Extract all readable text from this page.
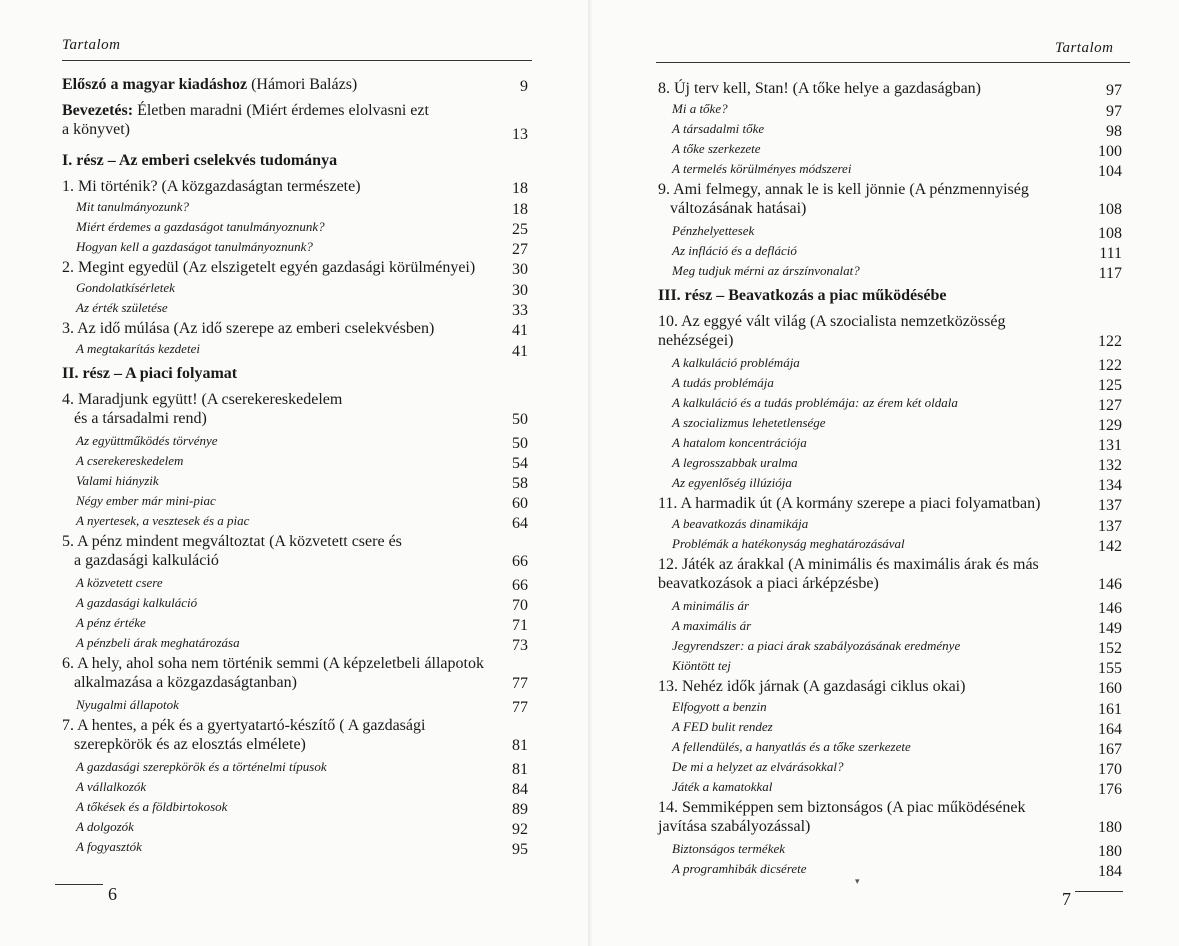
Tartalom
Előszó a magyar kiadáshoz (Hámori Balázs)	9
Bevezetés: Életben maradni (Miért érdemes elolvasni ezt
a könyvet)	13
I. rész – Az emberi cselekvés tudománya
1. Mi történik? (A közgazdaságtan természete)	18
Mit tanulmányozunk?	18
Miért érdemes a gazdaságot tanulmányoznunk?	25
Hogyan kell a gazdaságot tanulmányoznunk?	27
2. Megint egyedül (Az elszigetelt egyén gazdasági körülményei) 30
Gondolatkísérletek	30
Az érték születése	33
3. Az idő múlása (Az idő szerepe az emberi cselekvésben)	41
A megtakarítás kezdetei	41
II. rész – A piaci folyamat
4. Maradjunk együtt! (A cserekereskedelem
és a társadalmi rend)	50
Az együttműködés törvénye	50
A cserekereskedelem	54
Valami hiányzik	58
Négy ember már mini-piac	60
A nyertesek, a vesztesek és a piac	64
5. A pénz mindent megváltoztat (A közvetett csere és
a gazdasági kalkuláció	66
A közvetett csere	66
A gazdasági kalkuláció	70
A pénz értéke	71
A pénzbeli árak meghatározása	73
6. A hely, ahol soha nem történik semmi (A képzeletbeli állapotok
alkalmazása a közgazdaságtanban)	77
Nyugalmi állapotok	77
7. A hentes, a pék és a gyertyatartó-készítő ( A gazdasági
szerepkörök és az elosztás elmélete)	81
A gazdasági szerepkörök és a történelmi típusok	81
A vállalkozók	84
A tőkések és a földbirtokosok	89
A dolgozók	92
A fogyasztók	95
6
Tartalom
8. Új terv kell, Stan! (A tőke helye a gazdaságban)	97
Mi a tőke?	97
A társadalmi tőke	98
A tőke szerkezete	100
A termelés körülményes módszerei	104
9. Ami felmegy, annak le is kell jönnie (A pénzmennyiség
változásának hatásai)	108
Pénzhelyettesek	108
Az infláció és a defláció	111
Meg tudjuk mérni az árszínvonalat?	117
III. rész – Beavatkozás a piac működésébe
10. Az eggyé vált világ (A szocialista nemzetközösség
nehézségei)	122
A kalkuláció problémája	122
A tudás problémája	125
A kalkuláció és a tudás problémája: az érem két oldala	127
A szocializmus lehetetlensége	129
A hatalom koncentrációja	131
A legrosszabbak uralma	132
Az egyenlőség illúziója	134
11. A harmadik út (A kormány szerepe a piaci folyamatban)	137
A beavatkozás dinamikája	137
Problémák a hatékonyság meghatározásával	142
12. Játék az árakkal (A minimális és maximális árak és más
beavatkozások a piaci árképzésbe)	146
A minimális ár	146
A maximális ár	149
Jegyrendszer: a piaci árak szabályozásának eredménye	152
Kiöntött tej	155
13. Nehéz idők járnak (A gazdasági ciklus okai)	160
Elfogyott a benzin	161
A FED bulit rendez	164
A fellendülés, a hanyatlás és a tőke szerkezete	167
De mi a helyzet az elvárásokkal?	170
Játék a kamatokkal	176
14. Semmiképpen sem biztonságos (A piac működésének
javítása szabályozással)	180
Biztonságos termékek	180
A programhibák dicsérete	184
▾
7
